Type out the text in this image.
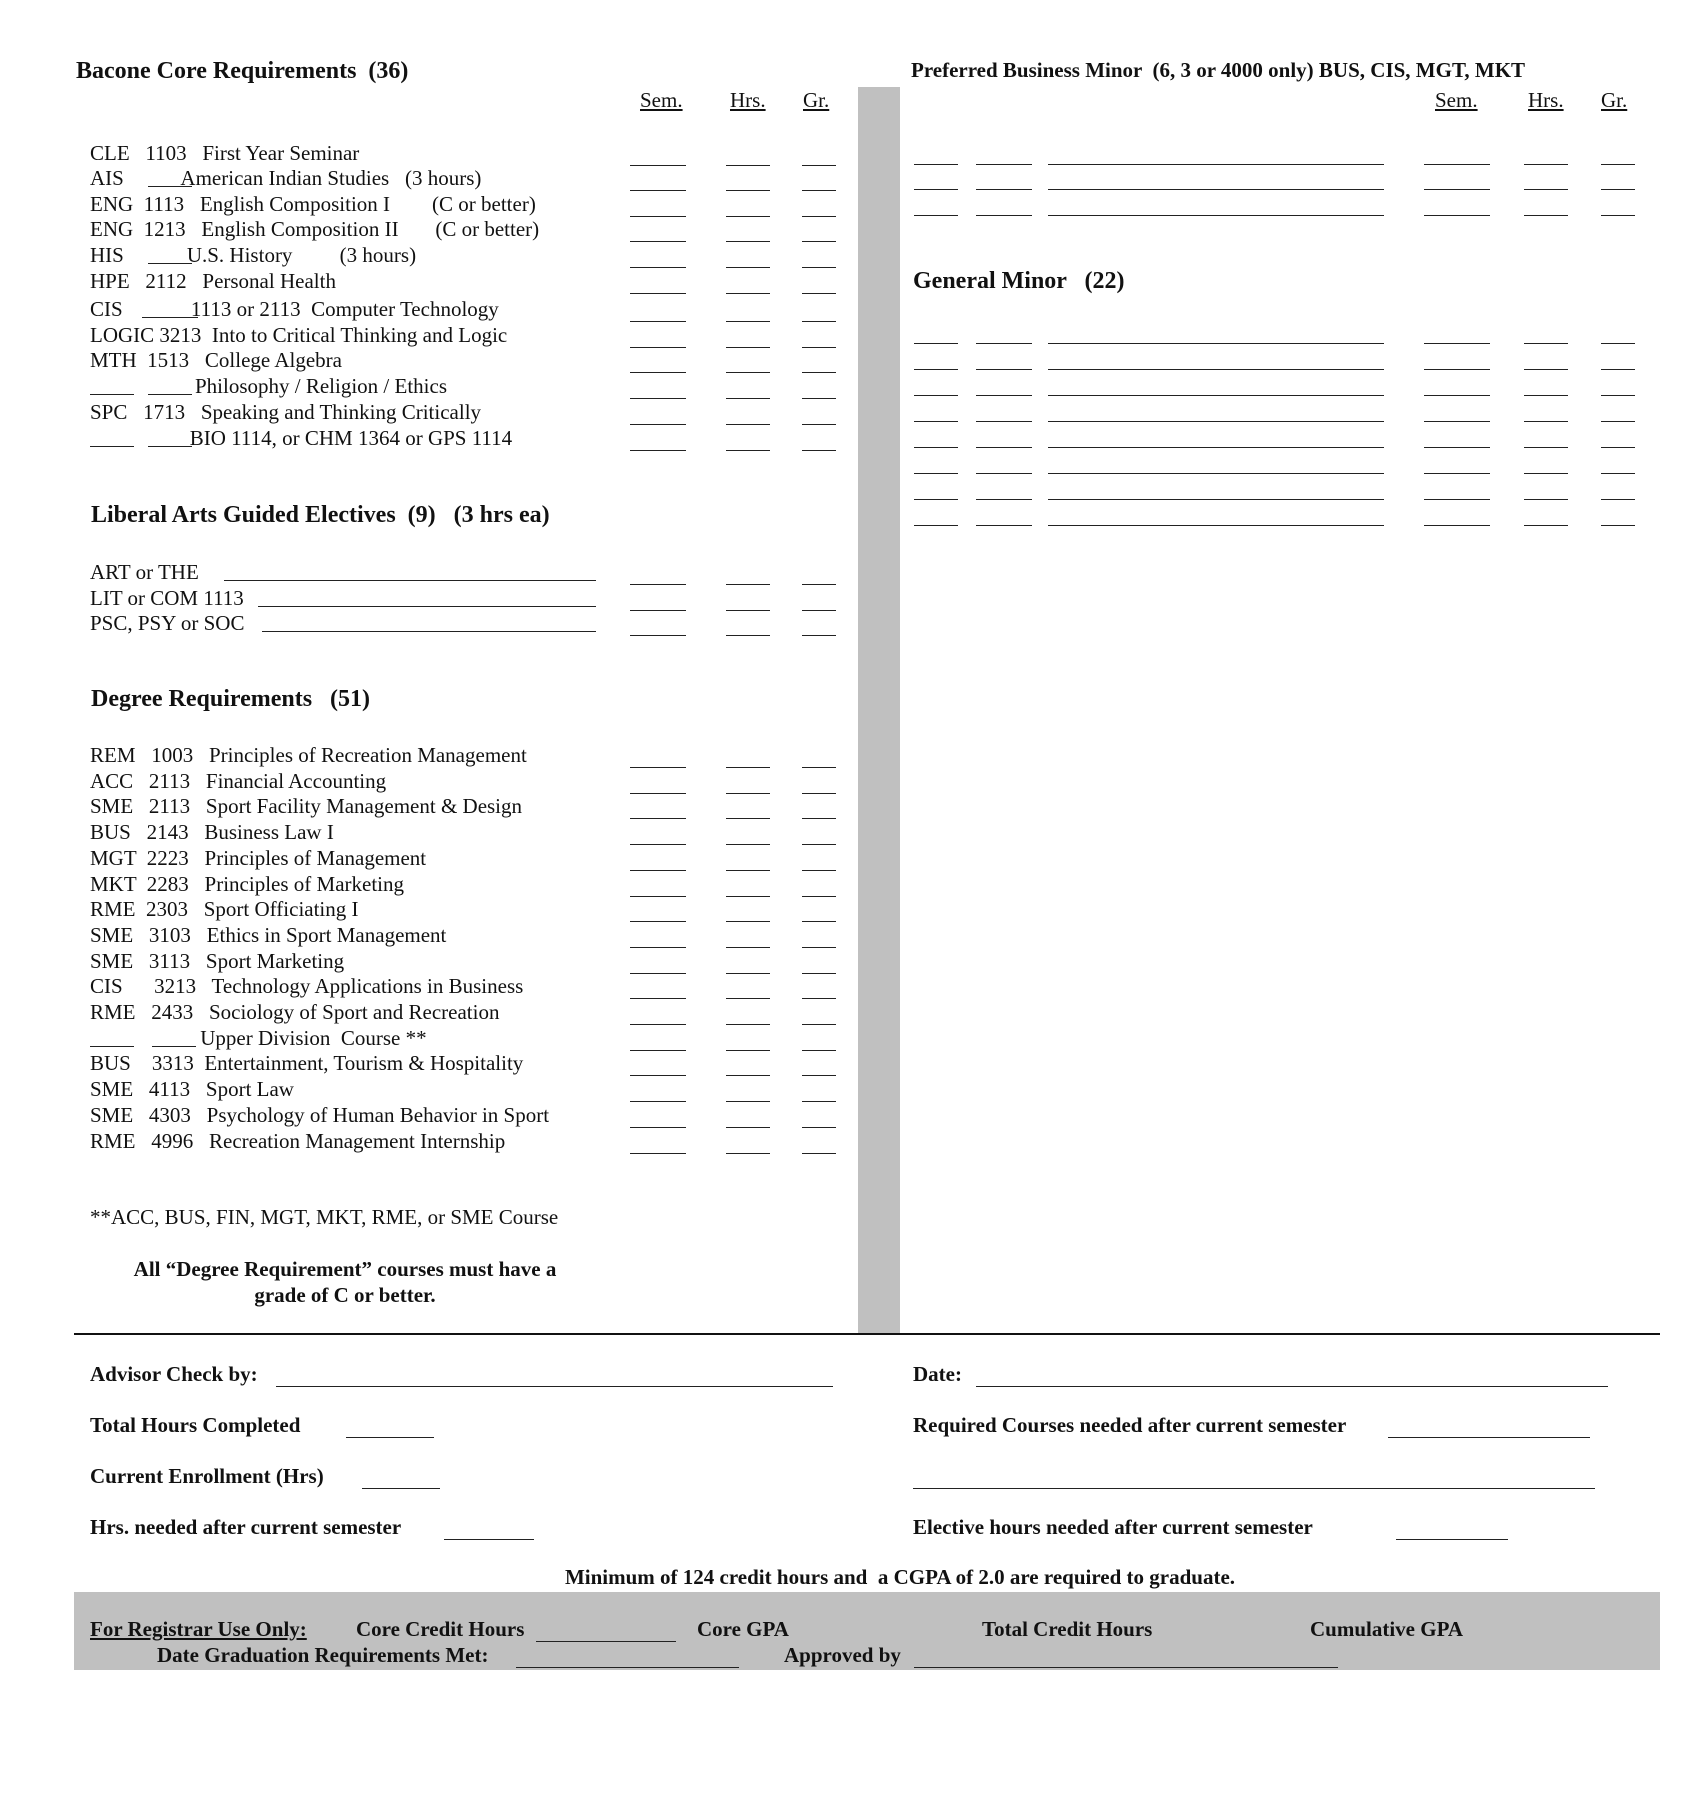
Bacone Core Requirements  (36)
Sem. Hrs. Gr.
CLE   1103   First Year Seminar
AIS           American Indian Studies   (3 hours)
ENG  1113   English Composition I        (C or better)
ENG  1213   English Composition II       (C or better)
HIS            U.S. History         (3 hours)
HPE   2112   Personal Health
CIS             1113 or 2113  Computer Technology
LOGIC 3213  Into to Critical Thinking and Logic
MTH  1513   College Algebra
Philosophy / Religion / Ethics
SPC   1713   Speaking and Thinking Critically
BIO 1114, or CHM 1364 or GPS 1114
Liberal Arts Guided Electives  (9)   (3 hrs ea)
ART or THE
LIT or COM 1113
PSC, PSY or SOC
Degree Requirements   (51)
REM   1003   Principles of Recreation Management
ACC   2113   Financial Accounting
SME   2113   Sport Facility Management & Design
BUS   2143   Business Law I
MGT  2223   Principles of Management
MKT  2283   Principles of Marketing
RME  2303   Sport Officiating I
SME   3103   Ethics in Sport Management
SME   3113   Sport Marketing
CIS      3213   Technology Applications in Business
RME   2433   Sociology of Sport and Recreation
Upper Division  Course **
BUS    3313  Entertainment, Tourism & Hospitality
SME   4113   Sport Law
SME   4303   Psychology of Human Behavior in Sport
RME   4996   Recreation Management Internship
**ACC, BUS, FIN, MGT, MKT, RME, or SME Course
All “Degree Requirement” courses must have a
grade of C or better.
Preferred Business Minor  (6, 3 or 4000 only) BUS, CIS, MGT, MKT
Sem. Hrs. Gr.
General Minor   (22)
Advisor Check by:	Date:
Total Hours Completed	Required Courses needed after current semester
Current Enrollment (Hrs)
Hrs. needed after current semester	Elective hours needed after current semester
Minimum of 124 credit hours and  a CGPA of 2.0 are required to graduate.
For Registrar Use Only: Core Credit Hours	Core GPA	Total Credit Hours	Cumulative GPA
Date Graduation Requirements Met:	Approved by
